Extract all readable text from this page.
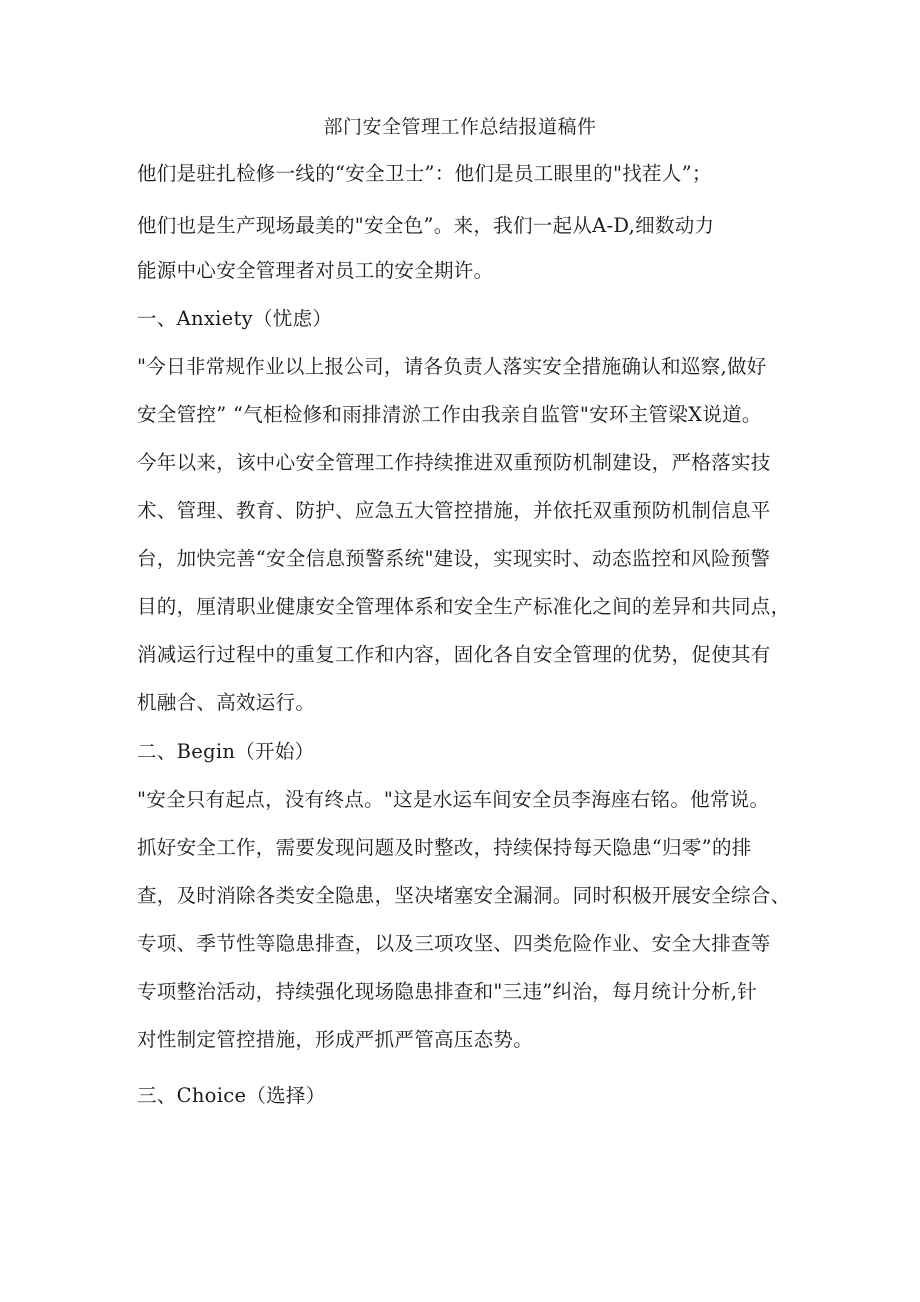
部门安全管理工作总结报道稿件
他们是驻扎检修一线的“安全卫士”：他们是员工眼里的"找茬人”；
他们也是生产现场最美的"安全色”。来，我们一起从A-D,细数动力
能源中心安全管理者对员工的安全期许。
一、Anxiety（忧虑）
"今日非常规作业以上报公司，请各负责人落实安全措施确认和巡察,做好
安全管控” “气柜检修和雨排清淤工作由我亲自监管"安环主管梁X说道。
今年以来，该中心安全管理工作持续推进双重预防机制建设，严格落实技
术、管理、教育、防护、应急五大管控措施，并依托双重预防机制信息平
台，加快完善“安全信息预警系统"建设，实现实时、动态监控和风险预警
目的，厘清职业健康安全管理体系和安全生产标准化之间的差异和共同点，
消减运行过程中的重复工作和内容，固化各自安全管理的优势，促使其有
机融合、高效运行。
二、Begin（开始）
"安全只有起点，没有终点。"这是水运车间安全员李海座右铭。他常说。
抓好安全工作，需要发现问题及时整改，持续保持每天隐患“归零”的排
查，及时消除各类安全隐患，坚决堵塞安全漏洞。同时积极开展安全综合、
专项、季节性等隐患排查，以及三项攻坚、四类危险作业、安全大排查等
专项整治活动，持续强化现场隐患排查和"三违”纠治，每月统计分析,针
对性制定管控措施，形成严抓严管高压态势。
三、Choice（选择）
